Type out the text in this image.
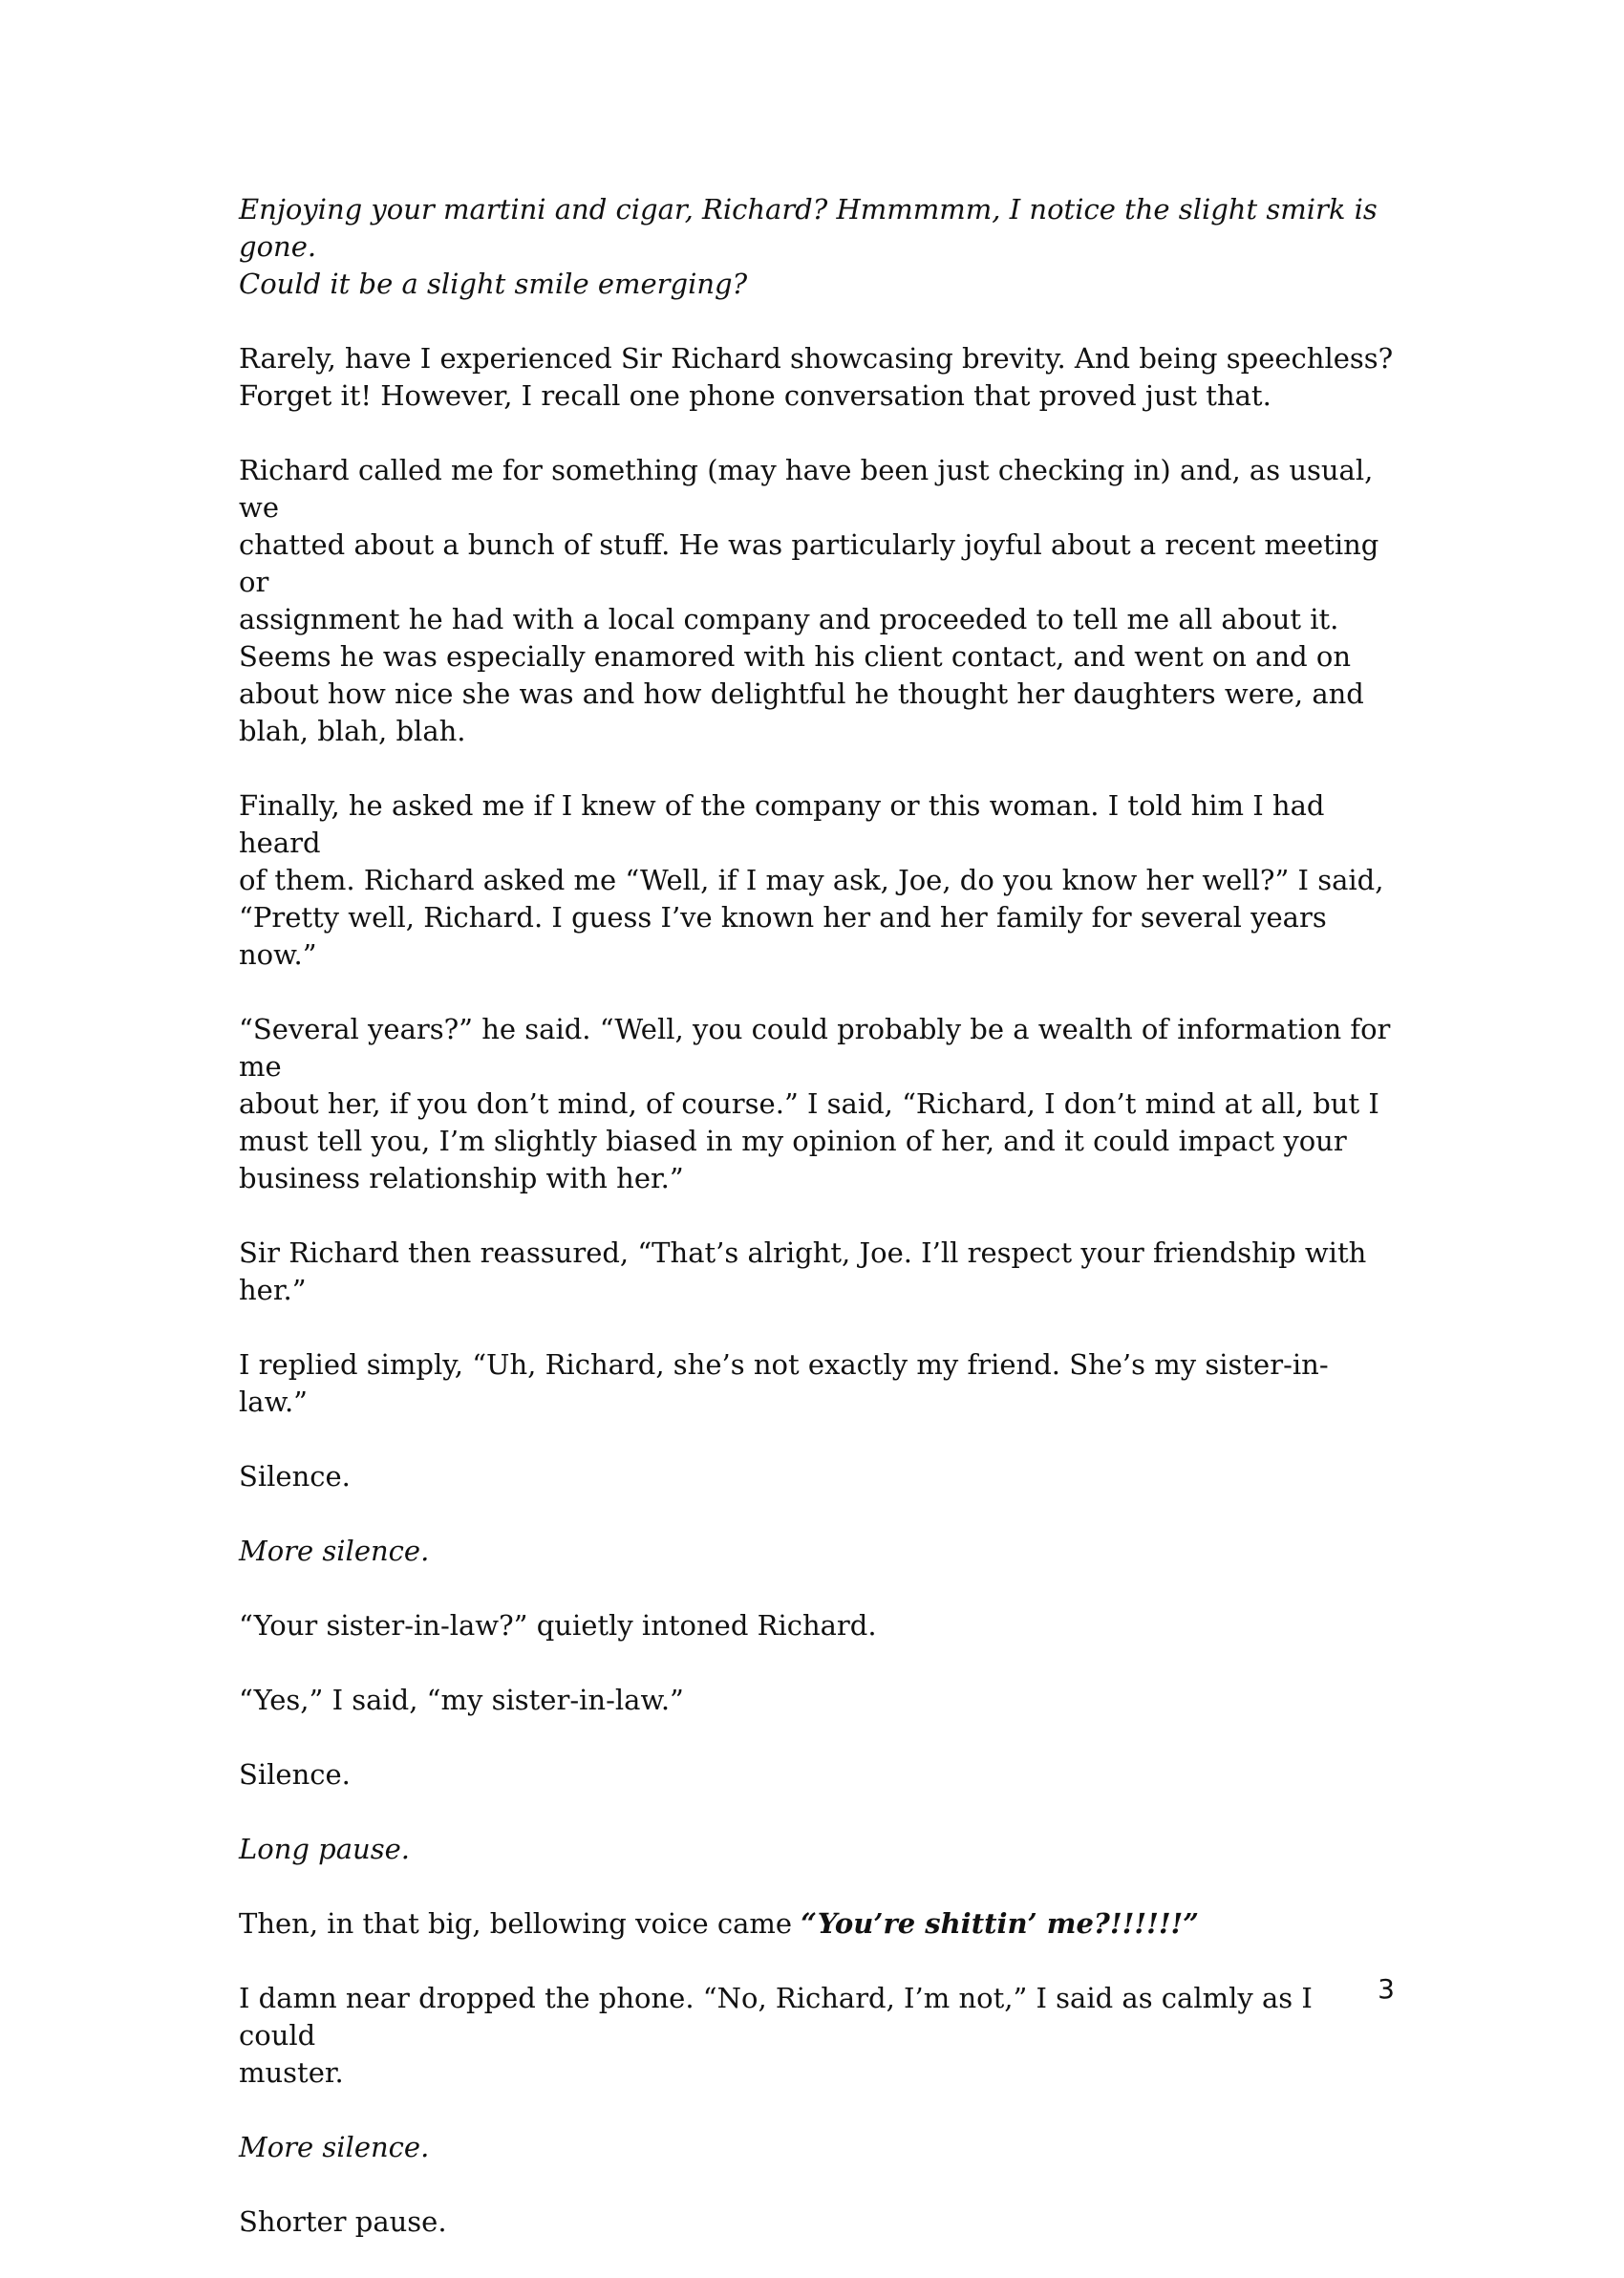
Enjoying your martini and cigar, Richard? Hmmmmm, I notice the slight smirk is gone.
Could it be a slight smile emerging?

Rarely, have I experienced Sir Richard showcasing brevity. And being speechless?
Forget it! However, I recall one phone conversation that proved just that.

Richard called me for something (may have been just checking in) and, as usual, we
chatted about a bunch of stuff. He was particularly joyful about a recent meeting or
assignment he had with a local company and proceeded to tell me all about it.
Seems he was especially enamored with his client contact, and went on and on
about how nice she was and how delightful he thought her daughters were, and
blah, blah, blah.

Finally, he asked me if I knew of the company or this woman. I told him I had heard
of them. Richard asked me “Well, if I may ask, Joe, do you know her well?” I said,
“Pretty well, Richard. I guess I’ve known her and her family for several years now.”

“Several years?” he said. “Well, you could probably be a wealth of information for me
about her, if you don’t mind, of course.” I said, “Richard, I don’t mind at all, but I
must tell you, I’m slightly biased in my opinion of her, and it could impact your
business relationship with her.”

Sir Richard then reassured, “That’s alright, Joe. I’ll respect your friendship with her.”

I replied simply, “Uh, Richard, she’s not exactly my friend. She’s my sister-in-law.”

Silence.

More silence.

“Your sister-in-law?” quietly intoned Richard.

“Yes,” I said, “my sister-in-law.”

Silence.

Long pause.

Then, in that big, bellowing voice came “You’re shittin’ me?!!!!!!”

I damn near dropped the phone. “No, Richard, I’m not,” I said as calmly as I could
muster.

More silence.

Shorter pause.

3
